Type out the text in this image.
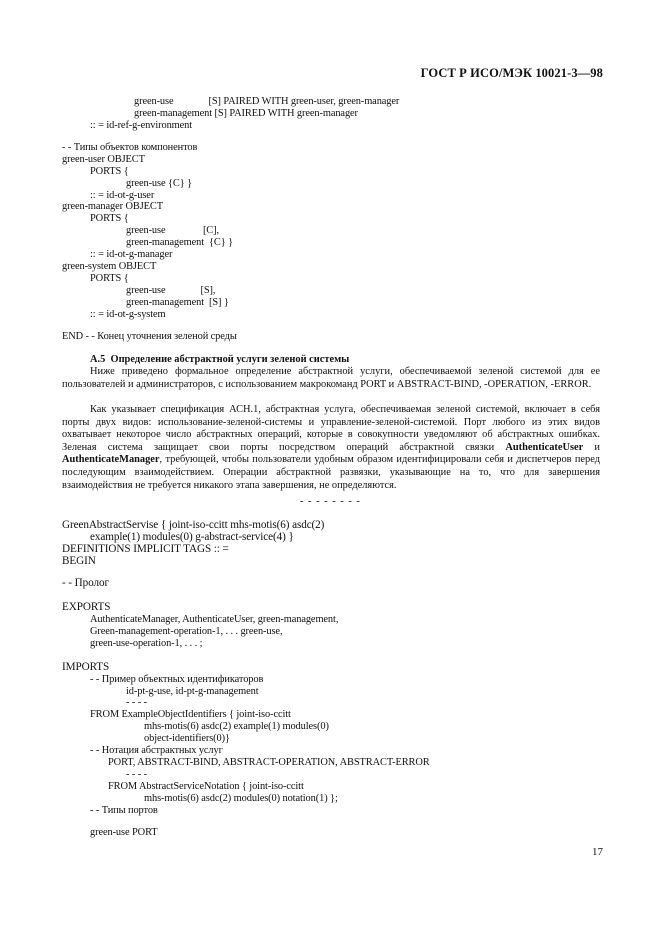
ГОСТ Р ИСО/МЭК 10021-3—98
green-use              [S] PAIRED WITH green-user, green-manager
green-management [S] PAIRED WITH green-manager
:: = id-ref-g-environment
- - Типы объектов компонентов
green-user OBJECT
PORTS {
green-use {C} }
:: = id-ot-g-user
green-manager OBJECT
PORTS {
green-use               [C],
green-management  {C} }
:: = id-ot-g-manager
green-system OBJECT
PORTS {
green-use              [S],
green-management  [S] }
:: = id-ot-g-system
END - - Конец уточнения зеленой среды
А.5  Определение абстрактной услуги зеленой системы
Ниже приведено формальное определение абстрактной услуги, обеспечиваемой зеленой системой для ее пользователей и администраторов, с использованием макрокоманд PORT и ABSTRACT-BIND, -OPERATION, -ERROR.
Как указывает спецификация АСН.1, абстрактная услуга, обеспечиваемая зеленой системой, включает в себя порты двух видов: использование-зеленой-системы и управление-зеленой-системой. Порт любого из этих видов охватывает некоторое число абстрактных операций, которые в совокупности уведомляют об абстрактных ошибках. Зеленая система защищает свои порты посредством операций абстрактной связки AuthenticateUser и AuthenticateManager, требующей, чтобы пользователи удобным образом идентифицировали себя и диспетчеров перед последующим взаимодействием. Операции абстрактной развязки, указывающие на то, что для завершения взаимодействия не требуется никакого этапа завершения, не определяются.
- - - - - - - -
GreenAbstractServise { joint-iso-ccitt mhs-motis(6) asdc(2)
example(1) modules(0) g-abstract-service(4) }
DEFINITIONS IMPLICIT TAGS :: =
BEGIN
- - Пролог
EXPORTS
AuthenticateManager, AuthenticateUser, green-management,
Green-management-operation-1, . . . green-use,
green-use-operation-1, . . . ;
IMPORTS
- - Пример объектных идентификаторов
id-pt-g-use, id-pt-g-management
- - - -
FROM ExampleObjectIdentifiers { joint-iso-ccitt
mhs-motis(6) asdc(2) example(1) modules(0)
object-identifiers(0)}
- - Нотация абстрактных услуг
PORT, ABSTRACT-BIND, ABSTRACT-OPERATION, ABSTRACT-ERROR
- - - -
FROM AbstractServiceNotation { joint-iso-ccitt
mhs-motis(6) asdc(2) modules(0) notation(1) };
- - Типы портов
green-use PORT
17
